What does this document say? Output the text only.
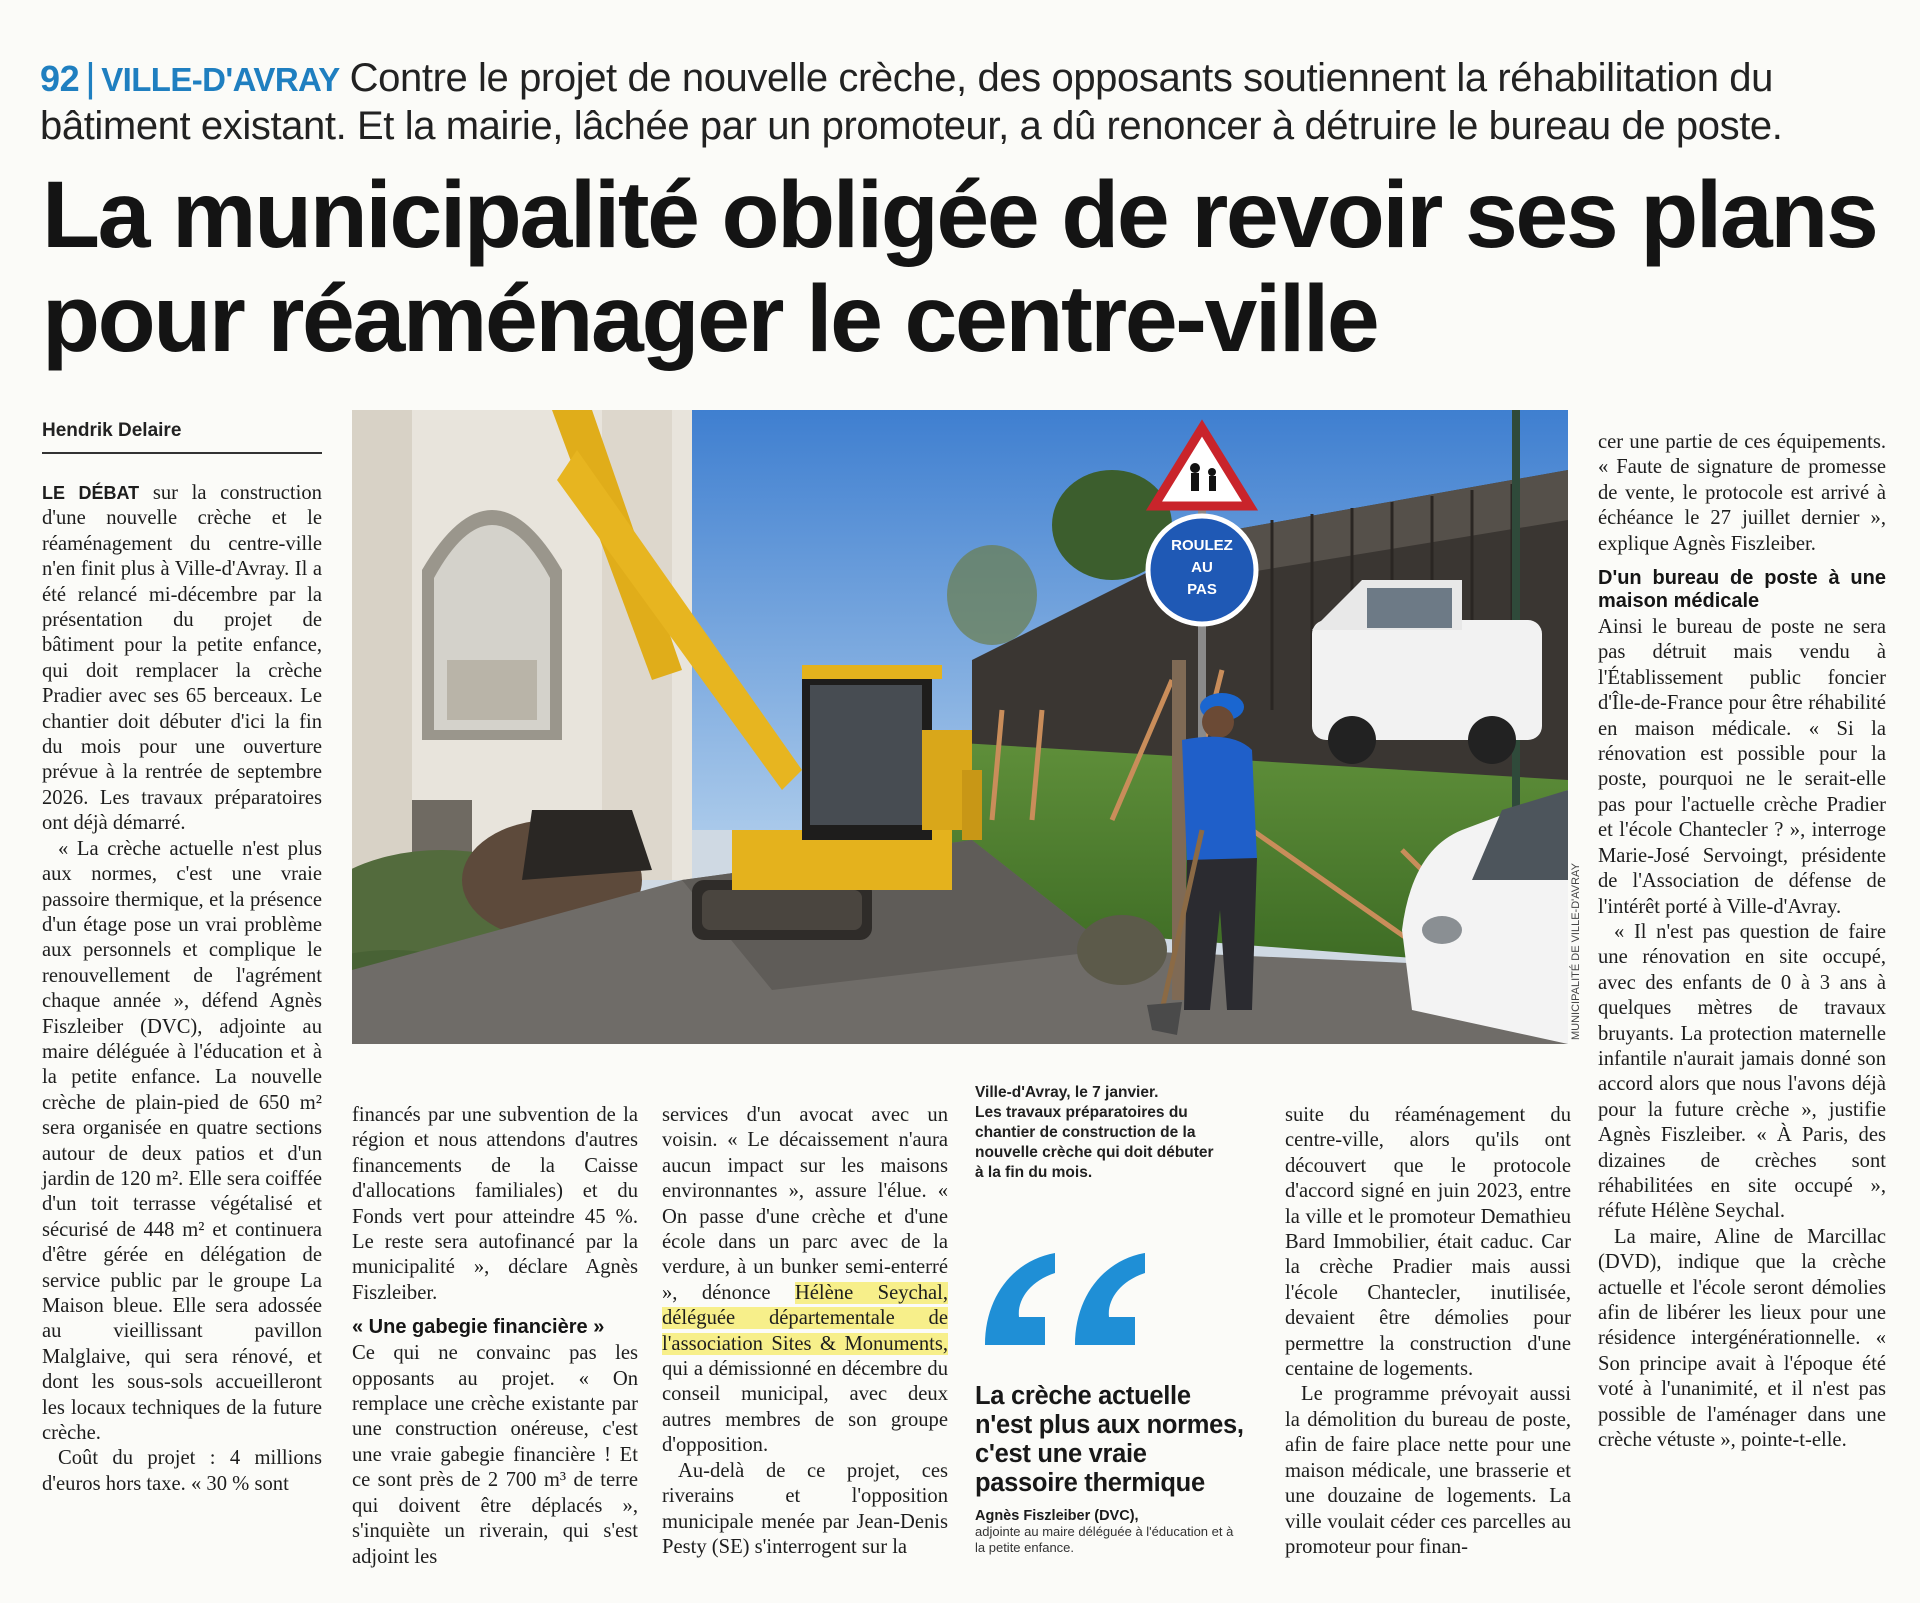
92 | VILLE-D'AVRAY Contre le projet de nouvelle crèche, des opposants soutiennent la réhabilitation du bâtiment existant. Et la mairie, lâchée par un promoteur, a dû renoncer à détruire le bureau de poste.
La municipalité obligée de revoir ses plans pour réaménager le centre-ville
Hendrik Delaire

LE DÉBAT sur la construction d'une nouvelle crèche et le réaménagement du centre-ville n'en finit plus à Ville-d'Avray. Il a été relancé mi-décembre par la présentation du projet de bâtiment pour la petite enfance, qui doit remplacer la crèche Pradier avec ses 65 berceaux. Le chantier doit débuter d'ici la fin du mois pour une ouverture prévue à la rentrée de septembre 2026. Les travaux préparatoires ont déjà démarré.

« La crèche actuelle n'est plus aux normes, c'est une vraie passoire thermique, et la présence d'un étage pose un vrai problème aux personnels et complique le renouvellement de l'agrément chaque année », défend Agnès Fiszleiber (DVC), adjointe au maire déléguée à l'éducation et à la petite enfance. La nouvelle crèche de plain-pied de 650 m² sera organisée en quatre sections autour de deux patios et d'un jardin de 120 m². Elle sera coiffée d'un toit terrasse végétalisé et sécurisé de 448 m² et continuera d'être gérée en délégation de service public par le groupe La Maison bleue. Elle sera adossée au vieillissant pavillon Malglaive, qui sera rénové, et dont les sous-sols accueilleront les locaux techniques de la future crèche.

Coût du projet : 4 millions d'euros hors taxe. « 30 % sont

ROULEZ
AU
PAS
MUNICIPALITÉ DE VILLE-D'AVRAY

financés par une subvention de la région et nous attendons d'autres financements de la Caisse d'allocations familiales) et du Fonds vert pour atteindre 45 %. Le reste sera autofinancé par la municipalité », déclare Agnès Fiszleiber.

« Une gabegie financière »

Ce qui ne convainc pas les opposants au projet. « On remplace une crèche existante par une construction onéreuse, c'est une vraie gabegie financière ! Et ce sont près de 2 700 m³ de terre qui doivent être déplacés », s'inquiète un riverain, qui s'est adjoint les

services d'un avocat avec un voisin. « Le décaissement n'aura aucun impact sur les maisons environnantes », assure l'élue. « On passe d'une crèche et d'une école dans un parc avec de la verdure, à un bunker semi-enterré », dénonce Hélène Seychal, déléguée départementale de l'association Sites & Monuments, qui a démissionné en décembre du conseil municipal, avec deux autres membres de son groupe d'opposition.

Au-delà de ce projet, ces riverains et l'opposition municipale menée par Jean-Denis Pesty (SE) s'interrogent sur la

Ville-d'Avray, le 7 janvier.
Les travaux préparatoires du chantier de construction de la nouvelle crèche qui doit débuter à la fin du mois.
La crèche actuelle n'est plus aux normes, c'est une vraie passoire thermique
Agnès Fiszleiber (DVC),
adjointe au maire déléguée à l'éducation et à la petite enfance.

suite du réaménagement du centre-ville, alors qu'ils ont découvert que le protocole d'accord signé en juin 2023, entre la ville et le promoteur Demathieu Bard Immobilier, était caduc. Car la crèche Pradier mais aussi l'école Chantecler, inutilisée, devaient être démolies pour permettre la construction d'une centaine de logements.

Le programme prévoyait aussi la démolition du bureau de poste, afin de faire place nette pour une maison médicale, une brasserie et une douzaine de logements. La ville voulait céder ces parcelles au promoteur pour finan-

cer une partie de ces équipements. « Faute de signature de promesse de vente, le protocole est arrivé à échéance le 27 juillet dernier », explique Agnès Fiszleiber.

D'un bureau de poste à une maison médicale

Ainsi le bureau de poste ne sera pas détruit mais vendu à l'Établissement public foncier d'Île-de-France pour être réhabilité en maison médicale. « Si la rénovation est possible pour la poste, pourquoi ne le serait-elle pas pour l'actuelle crèche Pradier et l'école Chantecler ? », interroge Marie-José Servoingt, présidente de l'Association de défense de l'intérêt porté à Ville-d'Avray.

« Il n'est pas question de faire une rénovation en site occupé, avec des enfants de 0 à 3 ans à quelques mètres de travaux bruyants. La protection maternelle infantile n'aurait jamais donné son accord alors que nous l'avons déjà pour la future crèche », justifie Agnès Fiszleiber. « À Paris, des dizaines de crèches sont réhabilitées en site occupé », réfute Hélène Seychal.

La maire, Aline de Marcillac (DVD), indique que la crèche actuelle et l'école seront démolies afin de libérer les lieux pour une résidence intergénérationnelle. « Son principe avait à l'époque été voté à l'unanimité, et il n'est pas possible de l'aménager dans une crèche vétuste », pointe-t-elle.
